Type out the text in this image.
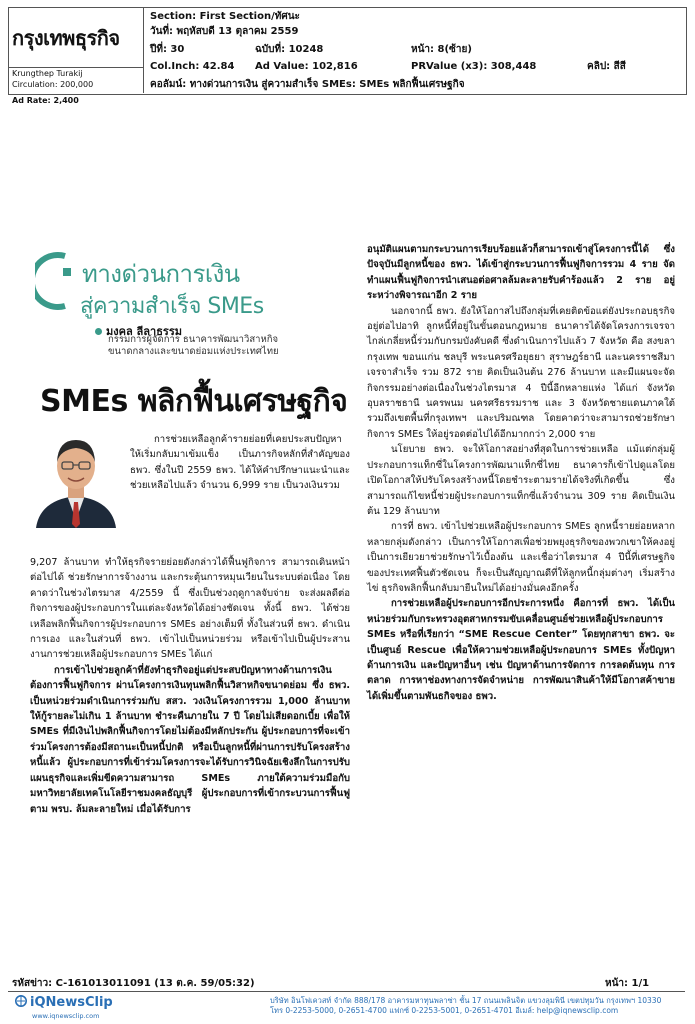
กรุงเทพธุรกิจ
Krungthep Turakij
Circulation: 200,000
Ad Rate: 2,400
Section: First Section/ทัศนะ
วันที่: พฤหัสบดี 13 ตุลาคม 2559
ปีที่: 30	ฉบับที่: 10248	หน้า: 8(ซ้าย)
Col.Inch: 42.84 Ad Value: 102,816	PRValue (x3): 308,448	คลิป: สีสี
คอลัมน์: ทางด่วนการเงิน สู่ความสำเร็จ SMEs: SMEs พลิกฟื้นเศรษฐกิจ
ทางด่วนการเงิน
สู่ความสำเร็จ SMEs
มงคล ลีลาธรรม
กรรมการผู้จัดการ ธนาคารพัฒนาวิสาหกิจ
ขนาดกลางและขนาดย่อมแห่งประเทศไทย
SMEs พลิกฟื้นเศรษฐกิจ

การช่วยเหลือลูกค้ารายย่อยที่เคยประสบปัญหาให้เริ่มกลับมาเข้มแข็ง เป็นภารกิจหลักที่สำคัญของ ธพว. ซึ่งในปี 2559 ธพว. ได้ให้คำปรึกษาแนะนำและช่วยเหลือไปแล้ว จำนวน 6,999 ราย เป็นวงเงินรวม

9,207 ล้านบาท ทำให้ธุรกิจรายย่อยดังกล่าวได้ฟื้นฟูกิจการ สามารถเดินหน้าต่อไปได้ ช่วยรักษาการจ้างงาน และกระตุ้นการหมุนเวียนในระบบต่อเนื่อง โดยคาดว่าในช่วงไตรมาส 4/2559 นี้ ซึ่งเป็นช่วงฤดูกาลจับจ่าย จะส่งผลดีต่อกิจการของผู้ประกอบการในแต่ละจังหวัดได้อย่างชัดเจน ทั้งนี้ ธพว. ได้ช่วยเหลือพลิกฟื้นกิจการผู้ประกอบการ SMEs อย่างเต็มที่ ทั้งในส่วนที่ ธพว. ดำเนินการเอง และในส่วนที่ ธพว. เข้าไปเป็นหน่วยร่วม หรือเข้าไปเป็นผู้ประสานงานการช่วยเหลือผู้ประกอบการ SMEs ได้แก่

การเข้าไปช่วยลูกค้าที่ยังทำธุรกิจอยู่แต่ประสบปัญหาทางด้านการเงิน ต้องการฟื้นฟูกิจการ ผ่านโครงการเงินทุนพลิกฟื้นวิสาหกิจขนาดย่อม ซึ่ง ธพว. เป็นหน่วยร่วมดำเนินการร่วมกับ สสว. วงเงินโครงการรวม 1,000 ล้านบาท ให้กู้รายละไม่เกิน 1 ล้านบาท ชำระคืนภายใน 7 ปี โดยไม่เสียดอกเบี้ย เพื่อให้ SMEs ที่มีเงินไปพลิกฟื้นกิจการโดยไม่ต้องมีหลักประกัน ผู้ประกอบการที่จะเข้าร่วมโครงการต้องมีสถานะเป็นหนี้ปกติ หรือเป็นลูกหนี้ที่ผ่านการปรับโครงสร้างหนี้แล้ว ผู้ประกอบการที่เข้าร่วมโครงการจะได้รับการวินิจฉัยเชิงลึกในการปรับแผนธุรกิจและเพิ่มขีดความสามารถ SMEs ภายใต้ความร่วมมือกับมหาวิทยาลัยเทคโนโลยีราชมงคลธัญบุรี ผู้ประกอบการที่เข้ากระบวนการฟื้นฟูตาม พรบ. ล้มละลายใหม่ เมื่อได้รับการ

อนุมัติแผนตามกระบวนการเรียบร้อยแล้วก็สามารถเข้าสู่โครงการนี้ได้ ซึ่งปัจจุบันมีลูกหนี้ของ ธพว. ได้เข้าสู่กระบวนการฟื้นฟูกิจการรวม 4 ราย จัดทำแผนฟื้นฟูกิจการนำเสนอต่อศาลล้มละลายรับคำร้องแล้ว 2 ราย อยู่ระหว่างพิจารณาอีก 2 ราย

นอกจากนี้ ธพว. ยังให้โอกาสไปถึงกลุ่มที่เคยติดข้อแต่ยังประกอบธุรกิจอยู่ต่อไปอาทิ ลูกหนี้ที่อยู่ในขั้นตอนกฎหมาย ธนาคารได้จัดโครงการเจรจาไกล่เกลี่ยหนี้ร่วมกับกรมบังคับคดี ซึ่งดำเนินการไปแล้ว 7 จังหวัด คือ สงขลา กรุงเทพ ขอนแก่น ชลบุรี พระนครศรีอยุธยา สุราษฎร์ธานี และนครราชสีมา เจรจาสำเร็จ รวม 872 ราย คิดเป็นเงินต้น 276 ล้านบาท และมีแผนจะจัดกิจกรรมอย่างต่อเนื่องในช่วงไตรมาส 4 ปีนี้อีกหลายแห่ง ได้แก่ จังหวัดอุบลราชธานี นครพนม นครศรีธรรมราช และ 3 จังหวัดชายแดนภาคใต้ รวมถึงเขตพื้นที่กรุงเทพฯ และปริมณฑล โดยคาดว่าจะสามารถช่วยรักษากิจการ SMEs ให้อยู่รอดต่อไปได้อีกมากกว่า 2,000 ราย

นโยบาย ธพว. จะให้โอกาสอย่างที่สุดในการช่วยเหลือ แม้แต่กลุ่มผู้ประกอบการแท็กซี่ในโครงการพัฒนาแท็กซี่ไทย ธนาคารก็เข้าไปดูแลโดยเปิดโอกาสให้ปรับโครงสร้างหนี้โดยชำระตามรายได้จริงที่เกิดขึ้น ซึ่งสามารถแก้ไขหนี้ช่วยผู้ประกอบการแท็กซี่แล้วจำนวน 309 ราย คิดเป็นเงินต้น 129 ล้านบาท

การที่ ธพว. เข้าไปช่วยเหลือผู้ประกอบการ SMEs ลูกหนี้รายย่อยหลากหลายกลุ่มดังกล่าว เป็นการให้โอกาสเพื่อช่วยพยุงธุรกิจของพวกเขาให้คงอยู่ เป็นการเยียวยาช่วยรักษาไว้เบื้องต้น และเชื่อว่าไตรมาส 4 ปีนี้ที่เศรษฐกิจของประเทศฟื้นตัวชัดเจน ก็จะเป็นสัญญาณดีที่ให้ลูกหนี้กลุ่มต่างๆ เริ่มสร้างไข่ ธุรกิจพลิกฟื้นกลับมายืนใหม่ได้อย่างมั่นคงอีกครั้ง

การช่วยเหลือผู้ประกอบการอีกประการหนึ่ง คือการที่ ธพว. ได้เป็นหน่วยร่วมกับกระทรวงอุตสาหกรรมขับเคลื่อนศูนย์ช่วยเหลือผู้ประกอบการ SMEs หรือที่เรียกว่า “SME Rescue Center” โดยทุกสาขา ธพว. จะเป็นศูนย์ Rescue เพื่อให้ความช่วยเหลือผู้ประกอบการ SMEs ทั้งปัญหาด้านการเงิน และปัญหาอื่นๆ เช่น ปัญหาด้านการจัดการ การลดต้นทุน การตลาด การหาช่องทางการจัดจำหน่าย การพัฒนาสินค้าให้มีโอกาสค้าขายได้เพิ่มขึ้นตามพันธกิจของ ธพว.

รหัสข่าว: C-161013011091 (13 ต.ค. 59/05:32)	หน้า: 1/1
iQNewsClip
www.iqnewsclip.com
บริษัท อินโฟเควสท์ จำกัด 888/178 อาคารมหาทุนพลาซ่า ชั้น 17 ถนนเพลินจิต แขวงลุมพินี เขตปทุมวัน กรุงเทพฯ 10330
โทร 0-2253-5000, 0-2651-4700 แฟกซ์ 0-2253-5001, 0-2651-4701 อีเมล์: help@iqnewsclip.com
